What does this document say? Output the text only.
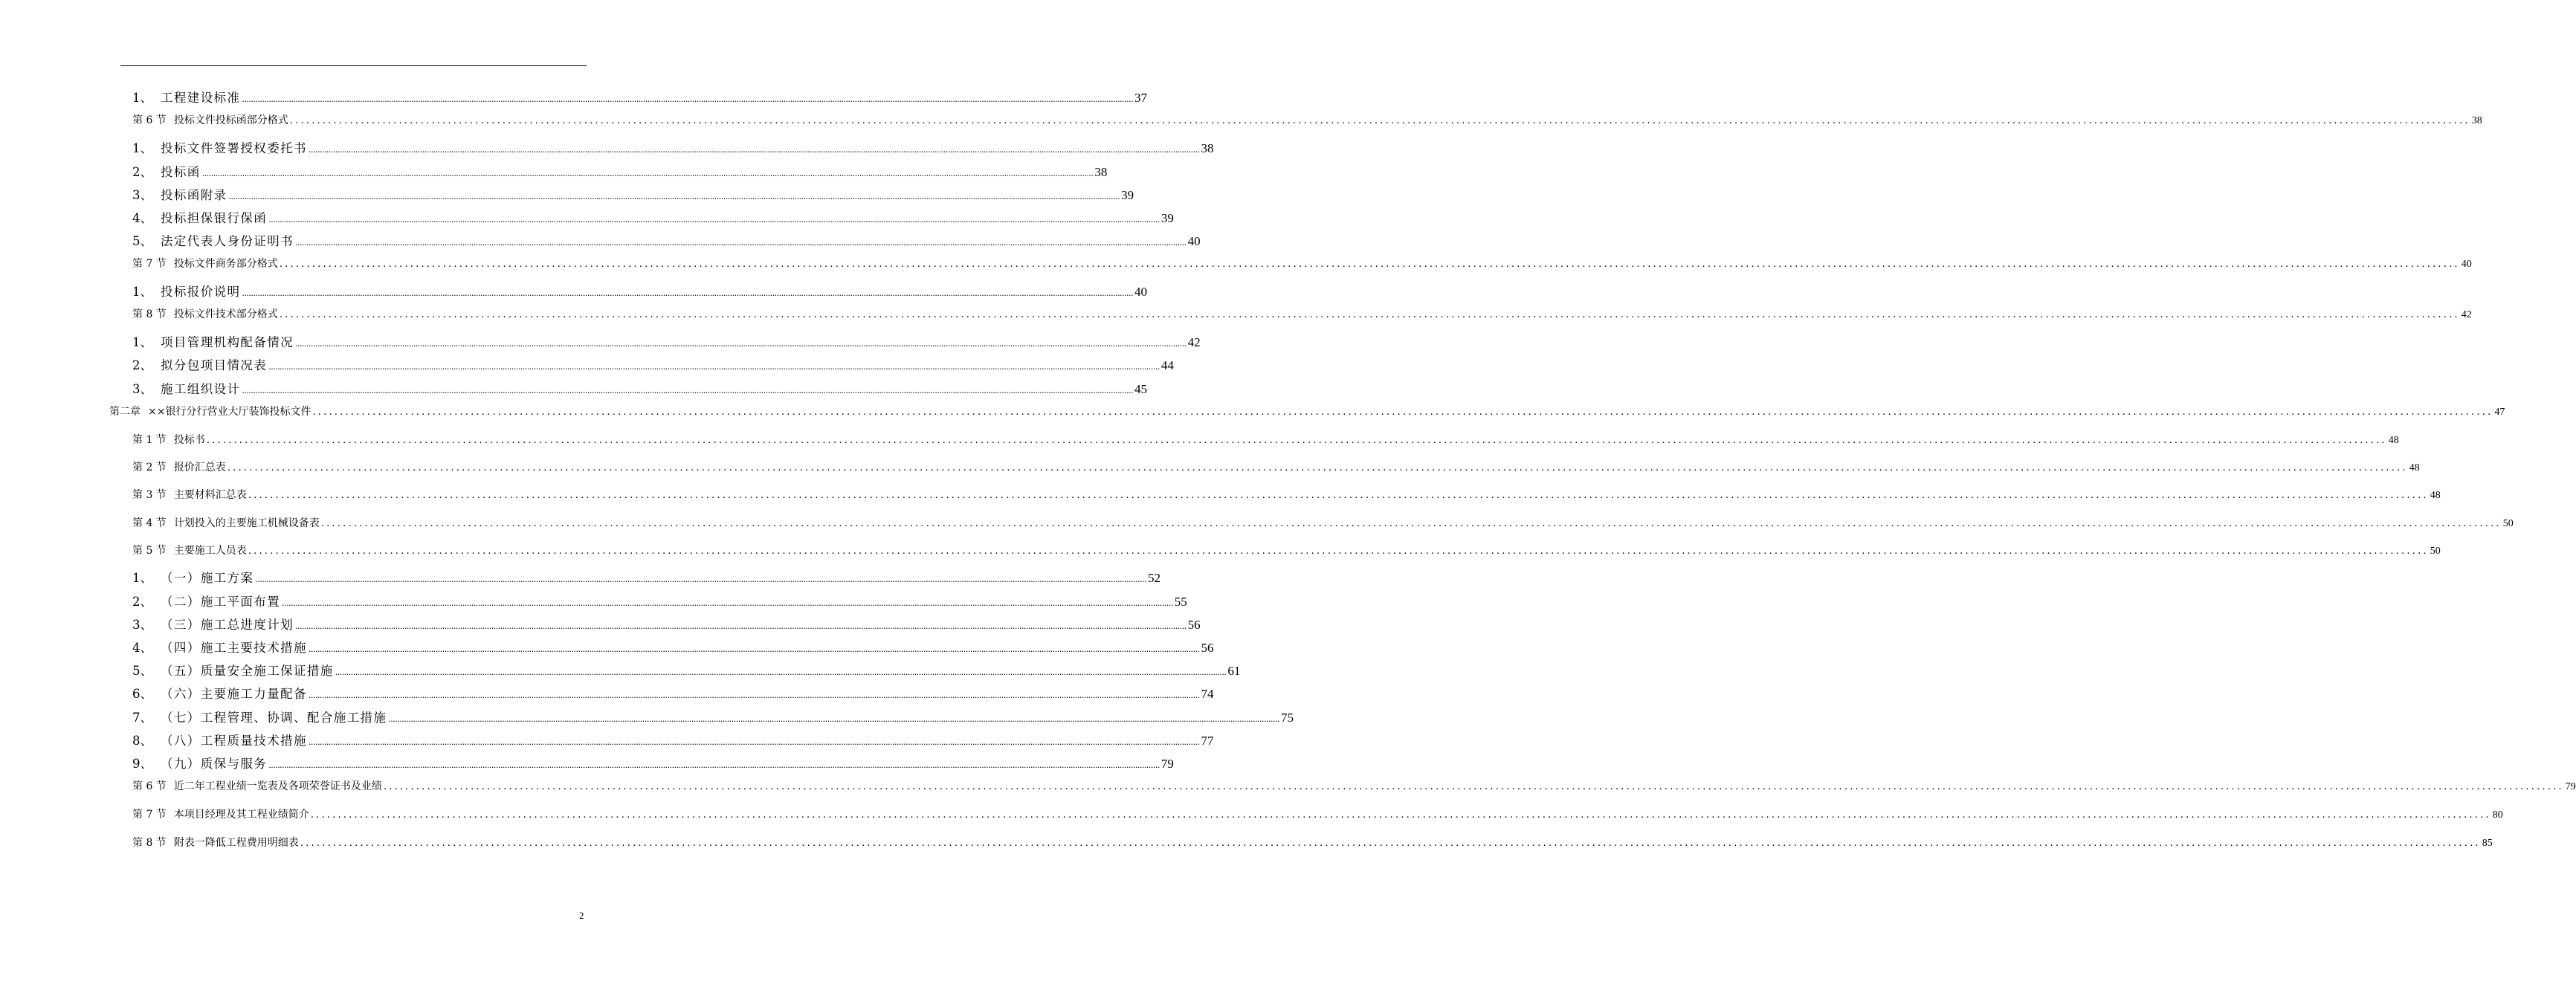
1、 工程建设标准 ................................................................................................................................................................................................................................................................................................................................................................................................................ 37
第 6 节 投标文件投标函部分格式 ................................................................................................................................................................................................................................................................................................................................................................................................................ 38
1、 投标文件签署授权委托书 ................................................................................................................................................................................................................................................................................................................................................................................................................ 38
2、 投标函 ................................................................................................................................................................................................................................................................................................................................................................................................................ 38
3、 投标函附录 ................................................................................................................................................................................................................................................................................................................................................................................................................ 39
4、 投标担保银行保函 ................................................................................................................................................................................................................................................................................................................................................................................................................ 39
5、 法定代表人身份证明书 ................................................................................................................................................................................................................................................................................................................................................................................................................ 40
第 7 节 投标文件商务部分格式 ................................................................................................................................................................................................................................................................................................................................................................................................................ 40
1、 投标报价说明 ................................................................................................................................................................................................................................................................................................................................................................................................................ 40
第 8 节 投标文件技术部分格式 ................................................................................................................................................................................................................................................................................................................................................................................................................ 42
1、 项目管理机构配备情况 ................................................................................................................................................................................................................................................................................................................................................................................................................ 42
2、 拟分包项目情况表 ................................................................................................................................................................................................................................................................................................................................................................................................................ 44
3、 施工组织设计 ................................................................................................................................................................................................................................................................................................................................................................................................................ 45
第二章 ××银行分行营业大厅装饰投标文件 ................................................................................................................................................................................................................................................................................................................................................................................................................ 47
第 1 节 投标书 ................................................................................................................................................................................................................................................................................................................................................................................................................ 48
第 2 节 报价汇总表 ................................................................................................................................................................................................................................................................................................................................................................................................................ 48
第 3 节 主要材料汇总表 ................................................................................................................................................................................................................................................................................................................................................................................................................ 48
第 4 节 计划投入的主要施工机械设备表 ................................................................................................................................................................................................................................................................................................................................................................................................................ 50
第 5 节 主要施工人员表 ................................................................................................................................................................................................................................................................................................................................................................................................................ 50
1、 （一）施工方案 ................................................................................................................................................................................................................................................................................................................................................................................................................ 52
2、 （二）施工平面布置 ................................................................................................................................................................................................................................................................................................................................................................................................................ 55
3、 （三）施工总进度计划 ................................................................................................................................................................................................................................................................................................................................................................................................................ 56
4、 （四）施工主要技术措施 ................................................................................................................................................................................................................................................................................................................................................................................................................ 56
5、 （五）质量安全施工保证措施 ................................................................................................................................................................................................................................................................................................................................................................................................................ 61
6、 （六）主要施工力量配备 ................................................................................................................................................................................................................................................................................................................................................................................................................ 74
7、 （七）工程管理、协调、配合施工措施 ................................................................................................................................................................................................................................................................................................................................................................................................................ 75
8、 （八）工程质量技术措施 ................................................................................................................................................................................................................................................................................................................................................................................................................ 77
9、 （九）质保与服务 ................................................................................................................................................................................................................................................................................................................................................................................................................ 79
第 6 节 近二年工程业绩一览表及各项荣誉证书及业绩 ................................................................................................................................................................................................................................................................................................................................................................................................................ 79
第 7 节 本项目经理及其工程业绩简介 ................................................................................................................................................................................................................................................................................................................................................................................................................ 80
第 8 节 附表一降低工程费用明细表 ................................................................................................................................................................................................................................................................................................................................................................................................................ 85
2
